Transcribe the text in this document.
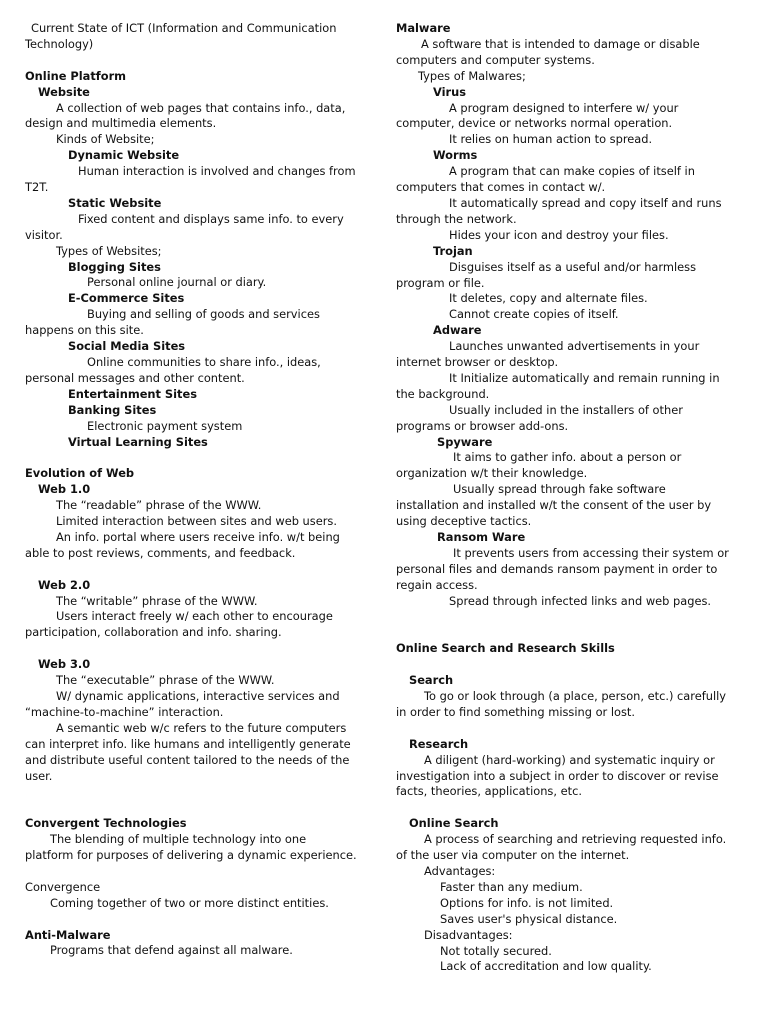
Current State of ICT (Information and Communication Technology)

Online Platform

Website

A collection of web pages that contains info., data, design and multimedia elements.

Kinds of Website;

Dynamic Website

Human interaction is involved and changes from T2T.

Static Website

Fixed content and displays same info. to every visitor.

Types of Websites;

Blogging Sites

Personal online journal or diary.

E-Commerce Sites

Buying and selling of goods and services happens on this site.

Social Media Sites

Online communities to share info., ideas, personal messages and other content.

Entertainment Sites

Banking Sites

Electronic payment system

Virtual Learning Sites

Evolution of Web

Web 1.0

The “readable” phrase of the WWW.

Limited interaction between sites and web users.

An info. portal where users receive info. w/t being able to post reviews, comments, and feedback.

Web 2.0

The “writable” phrase of the WWW.

Users interact freely w/ each other to encourage participation, collaboration and info. sharing.

Web 3.0

The “executable” phrase of the WWW.

W/ dynamic applications, interactive services and “machine-to-machine” interaction.

A semantic web w/c refers to the future computers can interpret info. like humans and intelligently generate and distribute useful content tailored to the needs of the user.

Convergent Technologies

The blending of multiple technology into one platform for purposes of delivering a dynamic experience.

Convergence

Coming together of two or more distinct entities.

Anti-Malware

Programs that defend against all malware.

Malware

A software that is intended to damage or disable computers and computer systems.

Types of Malwares;

Virus

A program designed to interfere w/ your computer, device or networks normal operation.

It relies on human action to spread.

Worms

A program that can make copies of itself in computers that comes in contact w/.

It automatically spread and copy itself and runs through the network.

Hides your icon and destroy your files.

Trojan

Disguises itself as a useful and/or harmless program or file.

It deletes, copy and alternate files.

Cannot create copies of itself.

Adware

Launches unwanted advertisements in your internet browser or desktop.

It Initialize automatically and remain running in the background.

Usually included in the installers of other programs or browser add-ons.

Spyware

It aims to gather info. about a person or organization w/t their knowledge.

Usually spread through fake software installation and installed w/t the consent of the user by using deceptive tactics.

Ransom Ware

It prevents users from accessing their system or personal files and demands ransom payment in order to regain access.

Spread through infected links and web pages.

Online Search and Research Skills

Search

To go or look through (a place, person, etc.) carefully in order to find something missing or lost.

Research

A diligent (hard-working) and systematic inquiry or investigation into a subject in order to discover or revise facts, theories, applications, etc.

Online Search

A process of searching and retrieving requested info. of the user via computer on the internet.

Advantages:

Faster than any medium.

Options for info. is not limited.

Saves user's physical distance.

Disadvantages:

Not totally secured.

Lack of accreditation and low quality.
